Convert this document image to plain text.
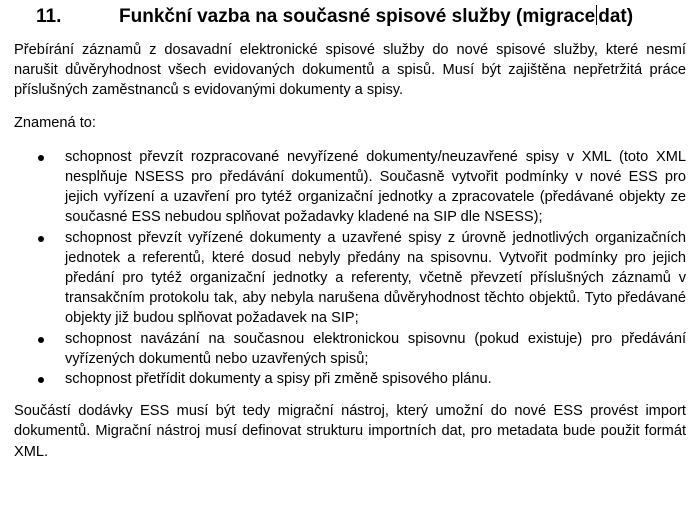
11.	Funkční vazba na současné spisové služby (migrace dat)

Přebírání záznamů z dosavadní elektronické spisové služby do nové spisové služby, které nesmí narušit důvěryhodnost všech evidovaných dokumentů a spisů. Musí být zajištěna nepřetržitá práce příslušných zaměstnanců s evidovanými dokumenty a spisy.

Znamená to:

schopnost převzít rozpracované nevyřízené dokumenty/neuzavřené spisy v XML (toto XML nesplňuje NSESS pro předávání dokumentů). Současně vytvořit podmínky v nové ESS pro jejich vyřízení a uzavření pro tytéž organizační jednotky a zpracovatele (předávané objekty ze současné ESS nebudou splňovat požadavky kladené na SIP dle NSESS);
schopnost převzít vyřízené dokumenty a uzavřené spisy z úrovně jednotlivých organizačních jednotek a referentů, které dosud nebyly předány na spisovnu. Vytvořit podmínky pro jejich předání pro tytéž organizační jednotky a referenty, včetně převzetí příslušných záznamů v transakčním protokolu tak, aby nebyla narušena důvěryhodnost těchto objektů. Tyto předávané objekty již budou splňovat požadavek na SIP;
schopnost navázání na současnou elektronickou spisovnu (pokud existuje) pro předávání vyřízených dokumentů nebo uzavřených spisů;
schopnost přetřídit dokumenty a spisy při změně spisového plánu.

Součástí dodávky ESS musí být tedy migrační nástroj, který umožní do nové ESS provést import dokumentů. Migrační nástroj musí definovat strukturu importních dat, pro metadata bude použit formát XML.
